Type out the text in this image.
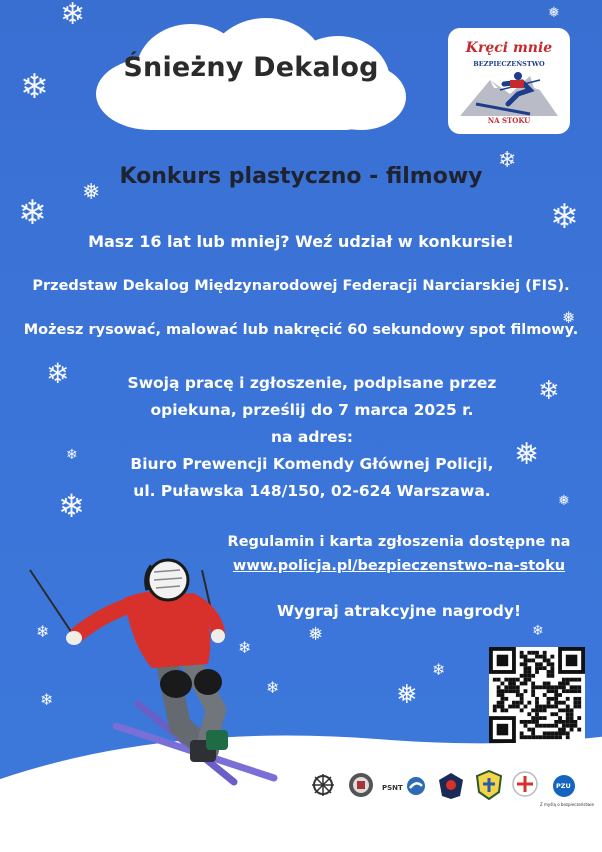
❄
❄
❅
❄
❅
❄
❄
❅
❄
❄
❅
❄
❄	❅
❄
❄	❅
❄
❄
❄	❅
❄
Śnieżny Dekalog
Kręci mnie
BEZPIECZEŃSTWO
NA STOKU
Konkurs plastyczno - filmowy
Masz 16 lat lub mniej? Weź udział w konkursie!
Przedstaw Dekalog Międzynarodowej Federacji Narciarskiej (FIS).
Możesz rysować, malować lub nakręcić 60 sekundowy spot filmowy.
Swoją pracę i zgłoszenie, podpisane przez
opiekuna, prześlij do 7 marca 2025 r.
na adres:
Biuro Prewencji Komendy Głównej Policji,
ul. Puławska 148/150, 02-624 Warszawa.
Regulamin i karta zgłoszenia dostępne na
www.policja.pl/bezpieczenstwo-na-stoku
Wygraj atrakcyjne nagrody!
PSNT	PZU
Z myślą o bezpieczeństwie
